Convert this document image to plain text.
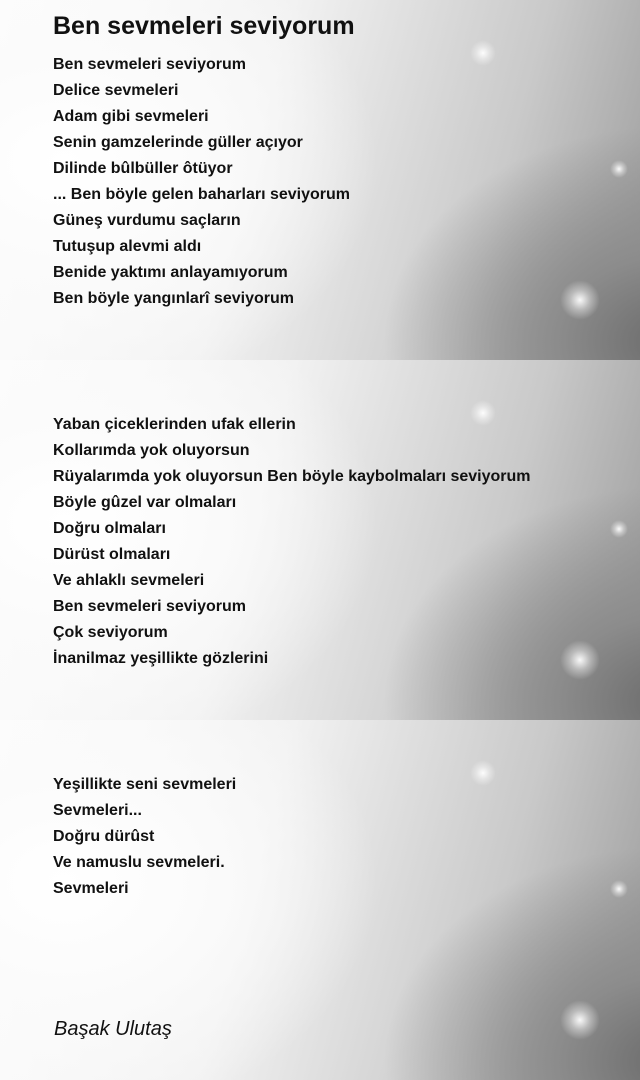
Ben sevmeleri seviyorum
Ben sevmeleri seviyorum
Delice sevmeleri
Adam gibi sevmeleri
Senin gamzelerinde güller açıyor
Dilinde bûlbüller ôtüyor
... Ben böyle gelen baharları seviyorum
Güneş vurdumu saçların
Tutuşup alevmi aldı
Benide yaktımı anlayamıyorum
Ben böyle yangınlarî seviyorum
Yaban çiceklerinden ufak ellerin
Kollarımda yok oluyorsun
Rüyalarımda yok oluyorsun Ben böyle kaybolmaları seviyorum
Böyle gûzel var olmaları
Doğru olmaları
Dürüst olmaları
Ve ahlaklı sevmeleri
Ben sevmeleri seviyorum
Çok seviyorum
İnanilmaz yeşillikte gözlerini
Yeşillikte seni sevmeleri
Sevmeleri...
Doğru dürûst
Ve namuslu sevmeleri.
Sevmeleri
Başak Ulutaş
